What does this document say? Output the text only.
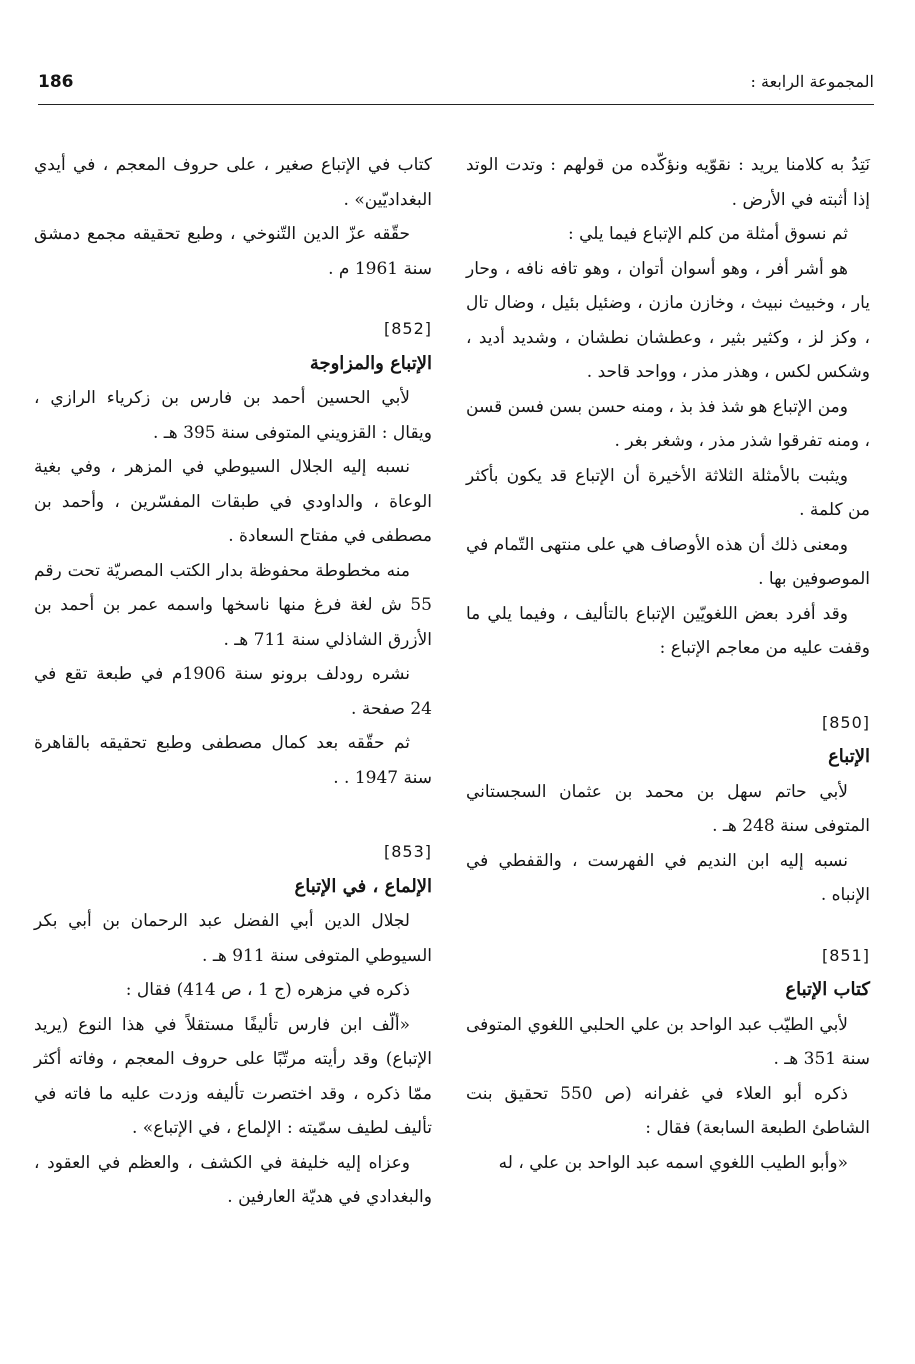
المجموعة الرابعة :
186

نَتِدُ به كلامنا يريد : نقوّيه ونؤكّده من قولهم : وتدت الوتد إذا أثبته في الأرض .

ثم نسوق أمثلة من كلم الإتباع فيما يلي :

هو أشر أفر ، وهو أسوان أتوان ، وهو تافه نافه ، وحار يار ، وخبيث نبيث ، وخازن مازن ، وضئيل بئيل ، وضال تال ، وكز لز ، وكثير بثير ، وعطشان نطشان ، وشديد أديد ، وشكس لكس ، وهذر مذر ، وواحد قاحد .

ومن الإتباع هو شذ فذ بذ ، ومنه حسن بسن فسن قسن ، ومنه تفرقوا شذر مذر ، وشغر بغر .

ويثبت بالأمثلة الثلاثة الأخيرة أن الإتباع قد يكون بأكثر من كلمة .

ومعنى ذلك أن هذه الأوصاف هي على منتهى التّمام في الموصوفين بها .

وقد أفرد بعض اللغويّين الإتباع بالتأليف ، وفيما يلي ما وقفت عليه من معاجم الإتباع :

[850]

الإتباع

لأبي حاتم سهل بن محمد بن عثمان السجستاني المتوفى سنة 248 هـ .

نسبه إليه ابن النديم في الفهرست ، والقفطي في الإنباه .

[851]

كتاب الإتباع

لأبي الطيّب عبد الواحد بن علي الحلبي اللغوي المتوفى سنة 351 هـ .

ذكره أبو العلاء في غفرانه (ص 550 تحقيق بنت الشاطئ الطبعة السابعة) فقال :

«وأبو الطيب اللغوي اسمه عبد الواحد بن علي ، له

كتاب في الإتباع صغير ، على حروف المعجم ، في أيدي البغداديّين» .

حقّقه عزّ الدين التّنوخي ، وطبع تحقيقه مجمع دمشق سنة 1961 م .

[852]

الإتباع والمزاوجة

لأبي الحسين أحمد بن فارس بن زكرياء الرازي ، ويقال : القزويني المتوفى سنة 395 هـ .

نسبه إليه الجلال السيوطي في المزهر ، وفي بغية الوعاة ، والداودي في طبقات المفسّرين ، وأحمد بن مصطفى في مفتاح السعادة .

منه مخطوطة محفوظة بدار الكتب المصريّة تحت رقم 55 ش لغة فرغ منها ناسخها واسمه عمر بن أحمد بن الأزرق الشاذلي سنة 711 هـ .

نشره رودلف برونو سنة 1906م في طبعة تقع في 24 صفحة .

ثم حقّقه بعد كمال مصطفى وطبع تحقيقه بالقاهرة سنة 1947 . .

[853]

الإلماع ، في الإتباع

لجلال الدين أبي الفضل عبد الرحمان بن أبي بكر السيوطي المتوفى سنة 911 هـ .

ذكره في مزهره (ج 1 ، ص 414) فقال :

«ألّف ابن فارس تأليفًا مستقلاً في هذا النوع (يريد الإتباع) وقد رأيته مرتّبًا على حروف المعجم ، وفاته أكثر ممّا ذكره ، وقد اختصرت تأليفه وزدت عليه ما فاته في تأليف لطيف سمّيته : الإلماع ، في الإتباع» .

وعزاه إليه خليفة في الكشف ، والعظم في العقود ، والبغدادي في هديّة العارفين .
